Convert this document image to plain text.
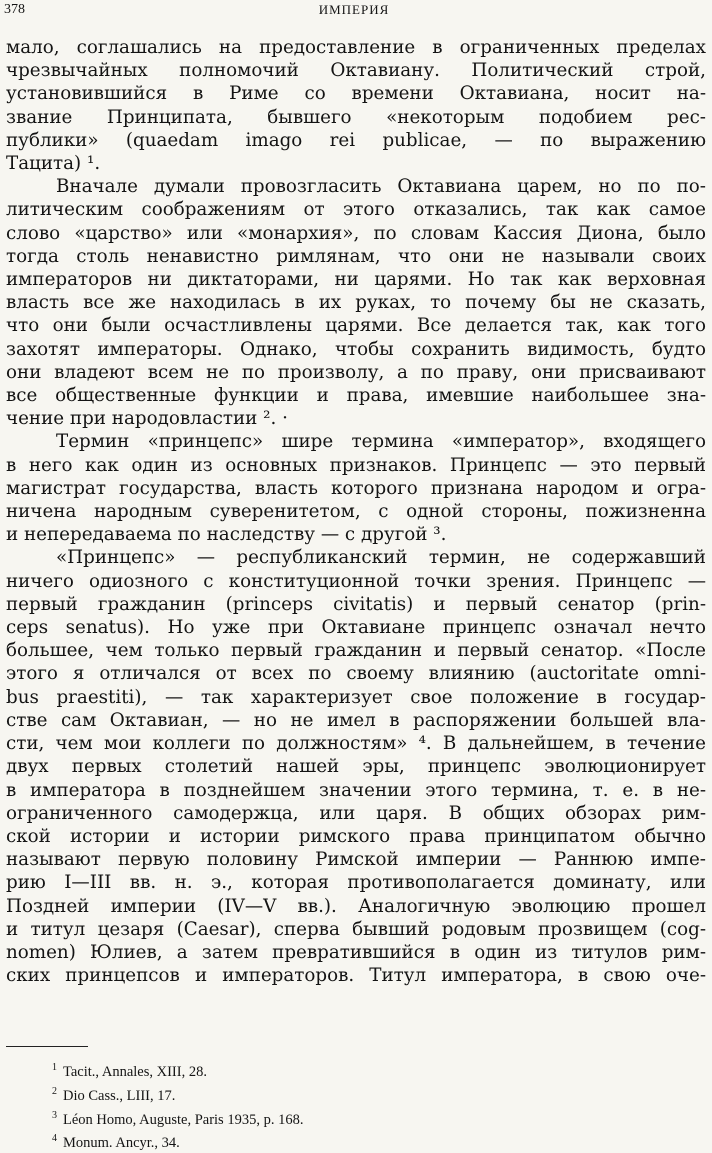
378	ИМПЕРИЯ

мало, соглашались на предоставление в ограниченных пределах
чрезвычайных полномочий Октавиану. Политический строй,
установившийся в Риме со времени Октавиана, носит на-
звание Принципата, бывшего «некоторым подобием рес-
публики» (quaedam imago rei publicae, — по выражению
Тацита) ¹.

Вначале думали провозгласить Октавиана царем, но по по-
литическим соображениям от этого отказались, так как самое
слово «царство» или «монархия», по словам Кассия Диона, было
тогда столь ненавистно римлянам, что они не называли своих
императоров ни диктаторами, ни царями. Но так как верховная
власть все же находилась в их руках, то почему бы не сказать,
что они были осчастливлены царями. Все делается так, как того
захотят императоры. Однако, чтобы сохранить видимость, будто
они владеют всем не по произволу, а по праву, они присваивают
все общественные функции и права, имевшие наибольшее зна-
чение при народовластии ². ·

Термин «принцепс» шире термина «император», входящего
в него как один из основных признаков. Принцепс — это первый
магистрат государства, власть которого признана народом и огра-
ничена народным суверенитетом, с одной стороны, пожизненна
и непередаваема по наследству — с другой ³.

«Принцепс» — республиканский термин, не содержавший
ничего одиозного с конституционной точки зрения. Принцепс —
первый гражданин (princeps civitatis) и первый сенатор (prin-
ceps senatus). Но уже при Октавиане принцепс означал нечто
большее, чем только первый гражданин и первый сенатор. «После
этого я отличался от всех по своему влиянию (auctoritate omni-
bus praestiti), — так характеризует свое положение в государ-
стве сам Октавиан, — но не имел в распоряжении большей вла-
сти, чем мои коллеги по должностям» ⁴. В дальнейшем, в течение
двух первых столетий нашей эры, принцепс эволюционирует
в императора в позднейшем значении этого термина, т. е. в не-
ограниченного самодержца, или царя. В общих обзорах рим-
ской истории и истории римского права принципатом обычно
называют первую половину Римской империи — Раннюю импе-
рию I—III вв. н. э., которая противополагается доминату, или
Поздней империи (IV—V вв.). Аналогичную эволюцию прошел
и титул цезаря (Caesar), сперва бывший родовым прозвищем (cog-
nomen) Юлиев, а затем превратившийся в один из титулов рим-
ских принцепсов и императоров. Титул императора, в свою оче-

$^1$ Tacit., Annales, XIII, 28.
$^2$ Dio Cass., LIII, 17.
$^3$ Léon Homo, Auguste, Paris 1935, p. 168.
$^4$ Monum. Ancyr., 34.
